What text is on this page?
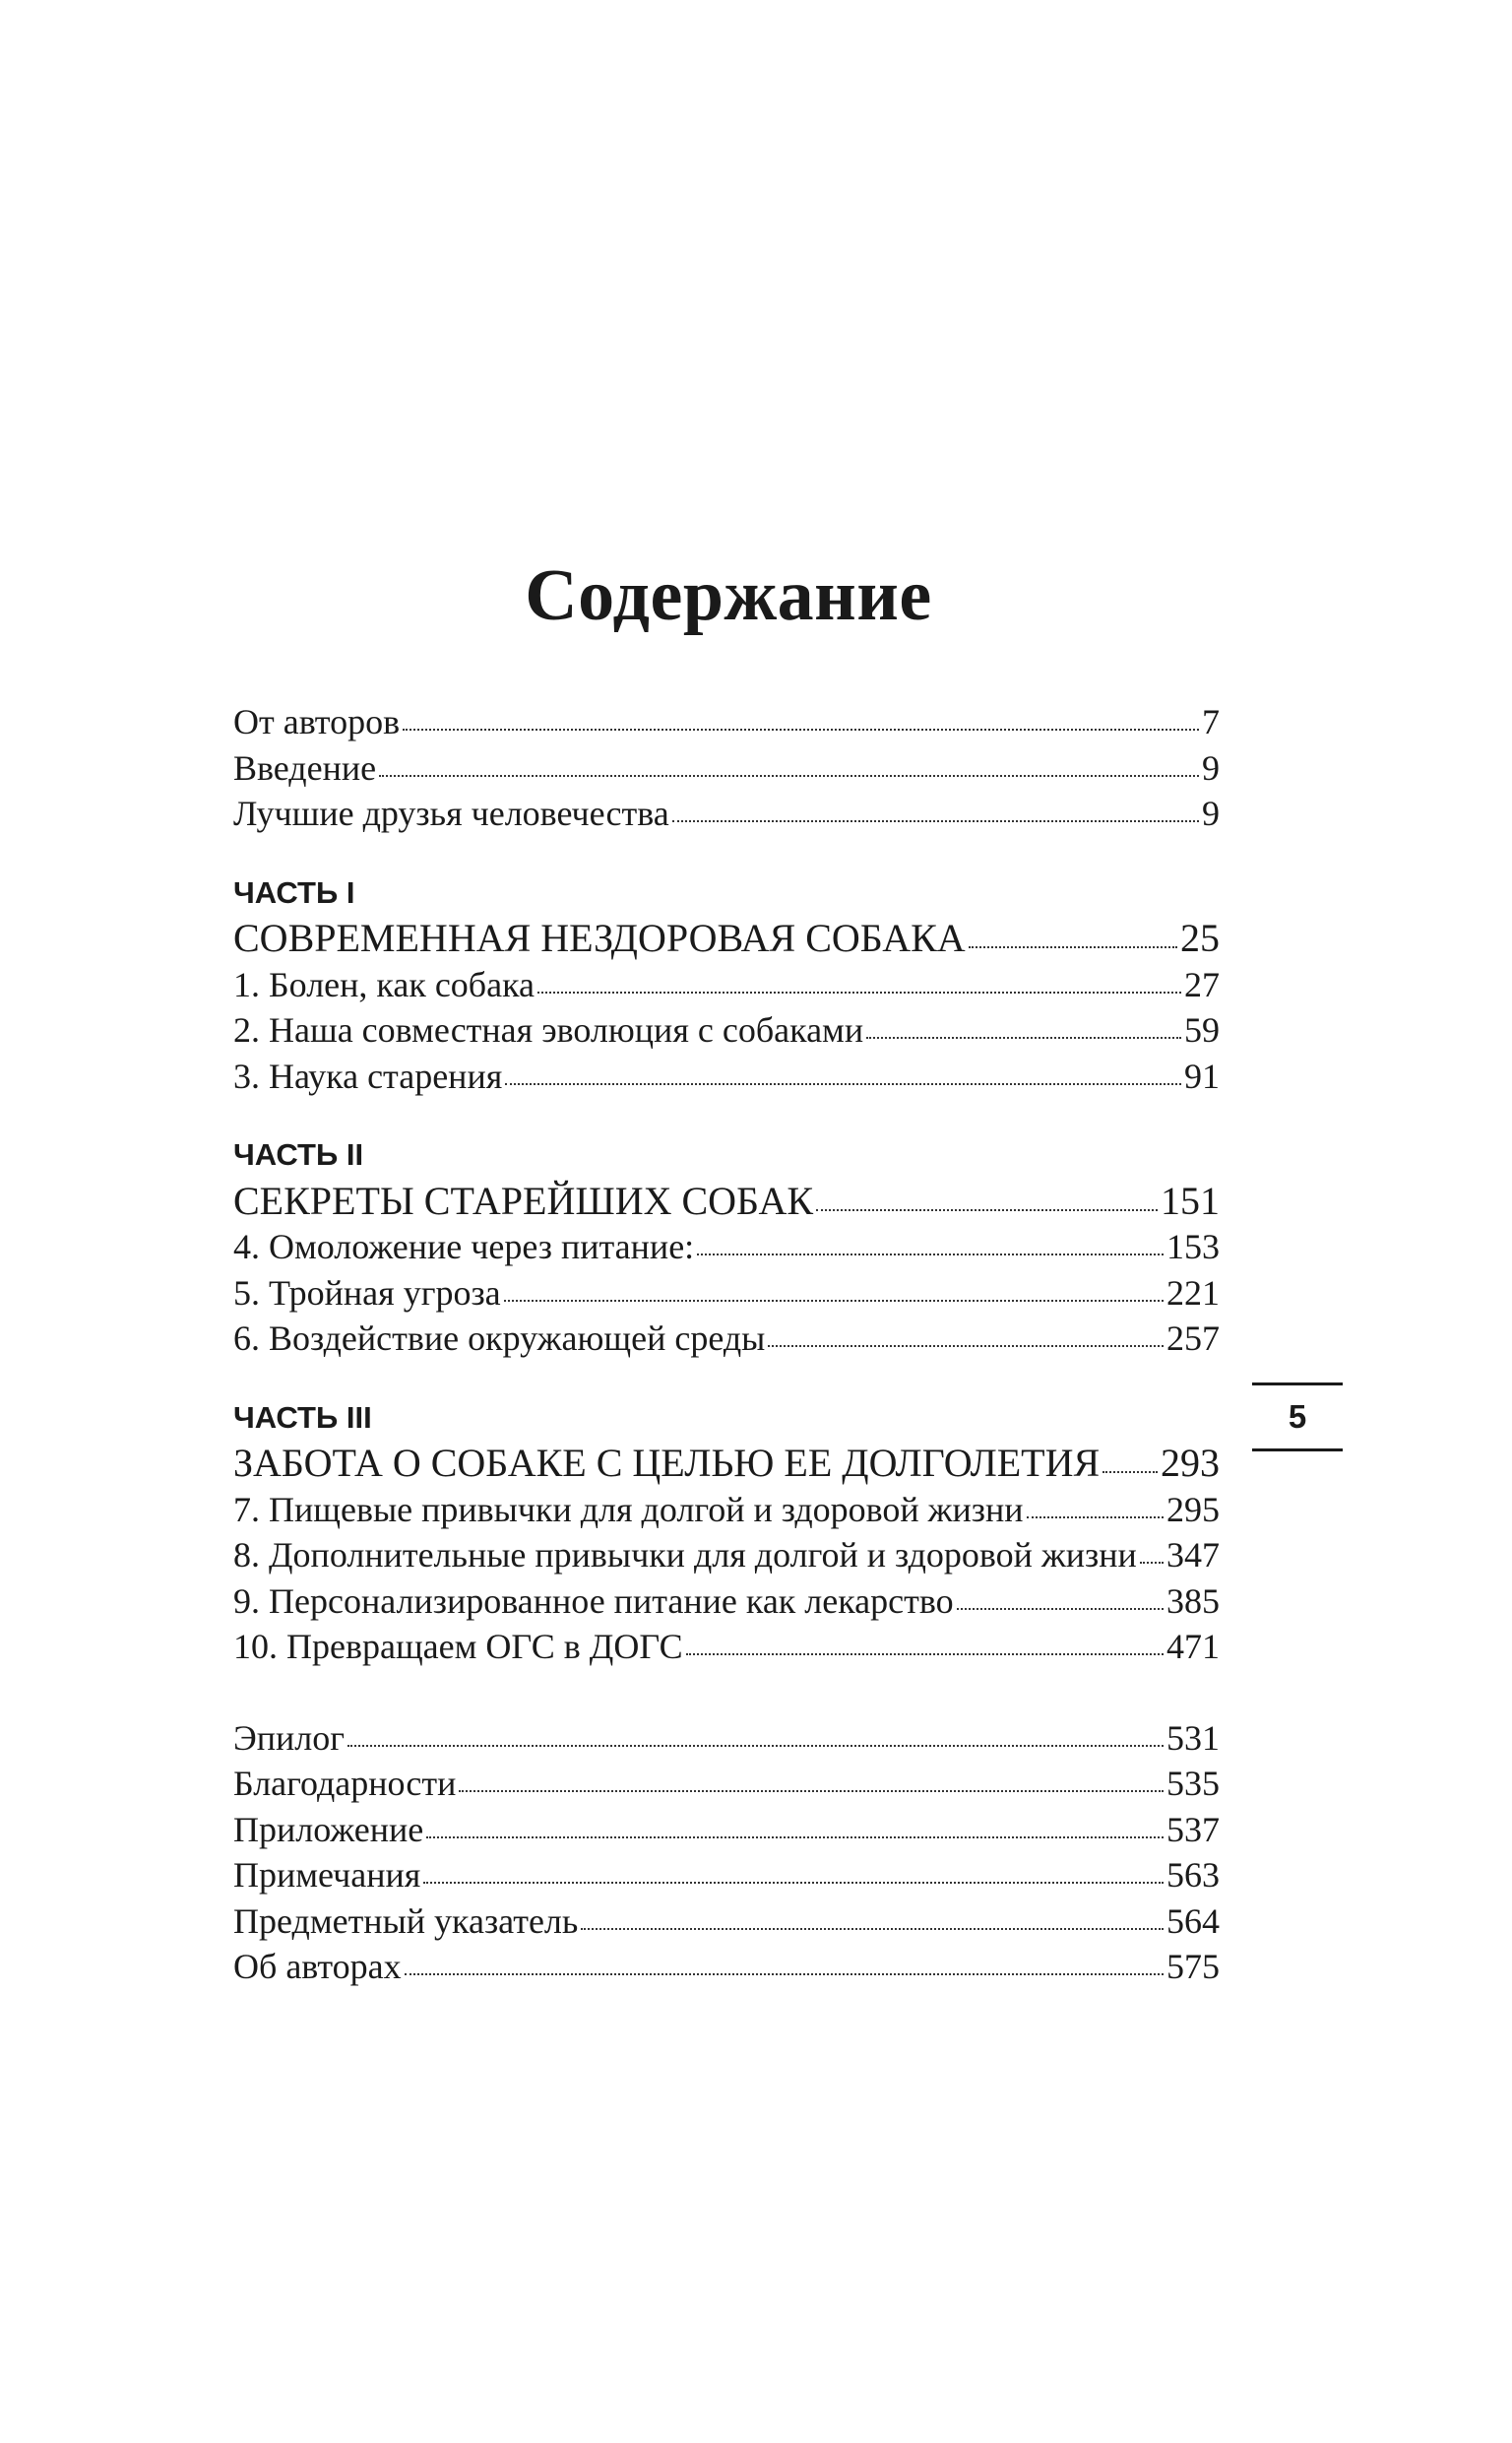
Содержание
От авторов	7
Введение	9
Лучшие друзья человечества	9
ЧАСТЬ I
СОВРЕМЕННАЯ НЕЗДОРОВАЯ СОБАКА	25
1. Болен, как собака	27
2. Наша совместная эволюция с собаками	59
3. Наука старения	91
ЧАСТЬ II
СЕКРЕТЫ СТАРЕЙШИХ СОБАК	151
4. Омоложение через питание:	153
5. Тройная угроза	221
6. Воздействие окружающей среды	257
ЧАСТЬ III
ЗАБОТА О СОБАКЕ С ЦЕЛЬЮ ЕЕ ДОЛГОЛЕТИЯ 293
7. Пищевые привычки для долгой и здоровой жизни	295
8. Дополнительные привычки для долгой и здоровой жизни 347
9. Персонализированное питание как лекарство	385
10. Превращаем ОГС в ДОГС	471
Эпилог	531
Благодарности	535
Приложение	537
Примечания	563
Предметный указатель	564
Об авторах	575
5
